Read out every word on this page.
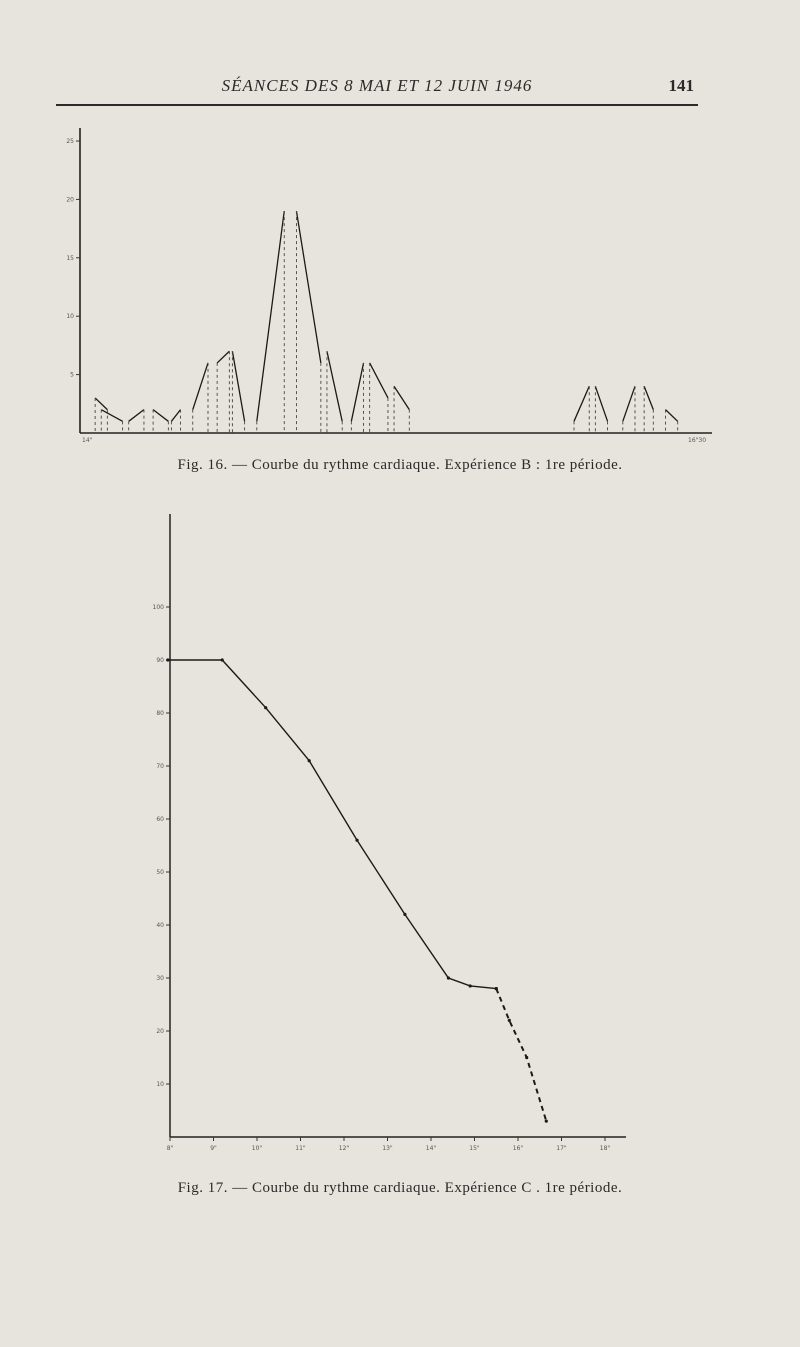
SÉANCES DES 8 MAI ET 12 JUIN 1946	141
5
10
15
20
25
14"	16"30
Fig. 16. — Courbe du rythme cardiaque. Expérience B : 1re période.
10
20
30
40
50
60
70
80
90
100
8"	9"	10"	11"	12"	13"	14"	15"	16"	17"	18"
Fig. 17. — Courbe du rythme cardiaque. Expérience C . 1re période.
